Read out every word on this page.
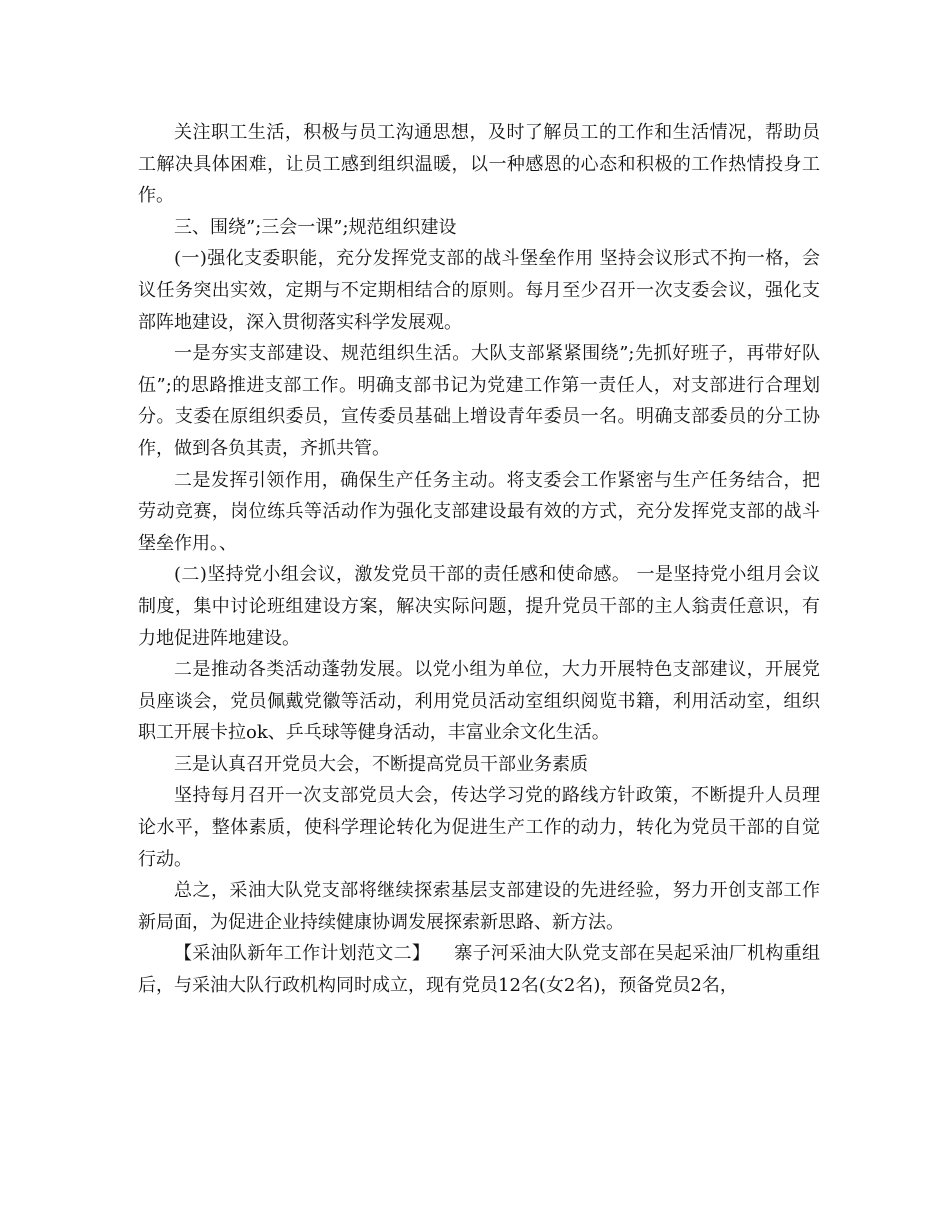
关注职工生活，积极与员工沟通思想，及时了解员工的工作和生活情况，帮助员工解决具体困难，让员工感到组织温暖，以一种感恩的心态和积极的工作热情投身工作。

三、围绕”;三会一课”;规范组织建设

(一)强化支委职能，充分发挥党支部的战斗堡垒作用 坚持会议形式不拘一格，会议任务突出实效，定期与不定期相结合的原则。每月至少召开一次支委会议，强化支部阵地建设，深入贯彻落实科学发展观。

一是夯实支部建设、规范组织生活。大队支部紧紧围绕”;先抓好班子，再带好队伍”;的思路推进支部工作。明确支部书记为党建工作第一责任人，对支部进行合理划分。支委在原组织委员，宣传委员基础上增设青年委员一名。明确支部委员的分工协作，做到各负其责，齐抓共管。

二是发挥引领作用，确保生产任务主动。将支委会工作紧密与生产任务结合，把劳动竞赛，岗位练兵等活动作为强化支部建设最有效的方式，充分发挥党支部的战斗堡垒作用。、

(二)坚持党小组会议，激发党员干部的责任感和使命感。 一是坚持党小组月会议制度，集中讨论班组建设方案，解决实际问题，提升党员干部的主人翁责任意识，有力地促进阵地建设。

二是推动各类活动蓬勃发展。以党小组为单位，大力开展特色支部建议，开展党员座谈会，党员佩戴党徽等活动，利用党员活动室组织阅览书籍，利用活动室，组织职工开展卡拉ok、乒乓球等健身活动，丰富业余文化生活。

三是认真召开党员大会，不断提高党员干部业务素质

坚持每月召开一次支部党员大会，传达学习党的路线方针政策，不断提升人员理论水平，整体素质，使科学理论转化为促进生产工作的动力，转化为党员干部的自觉行动。

总之，采油大队党支部将继续探索基层支部建设的先进经验，努力开创支部工作新局面，为促进企业持续健康协调发展探索新思路、新方法。

【采油队新年工作计划范文二】    寨子河采油大队党支部在吴起采油厂机构重组后，与采油大队行政机构同时成立，现有党员12名(女2名)，预备党员2名，
